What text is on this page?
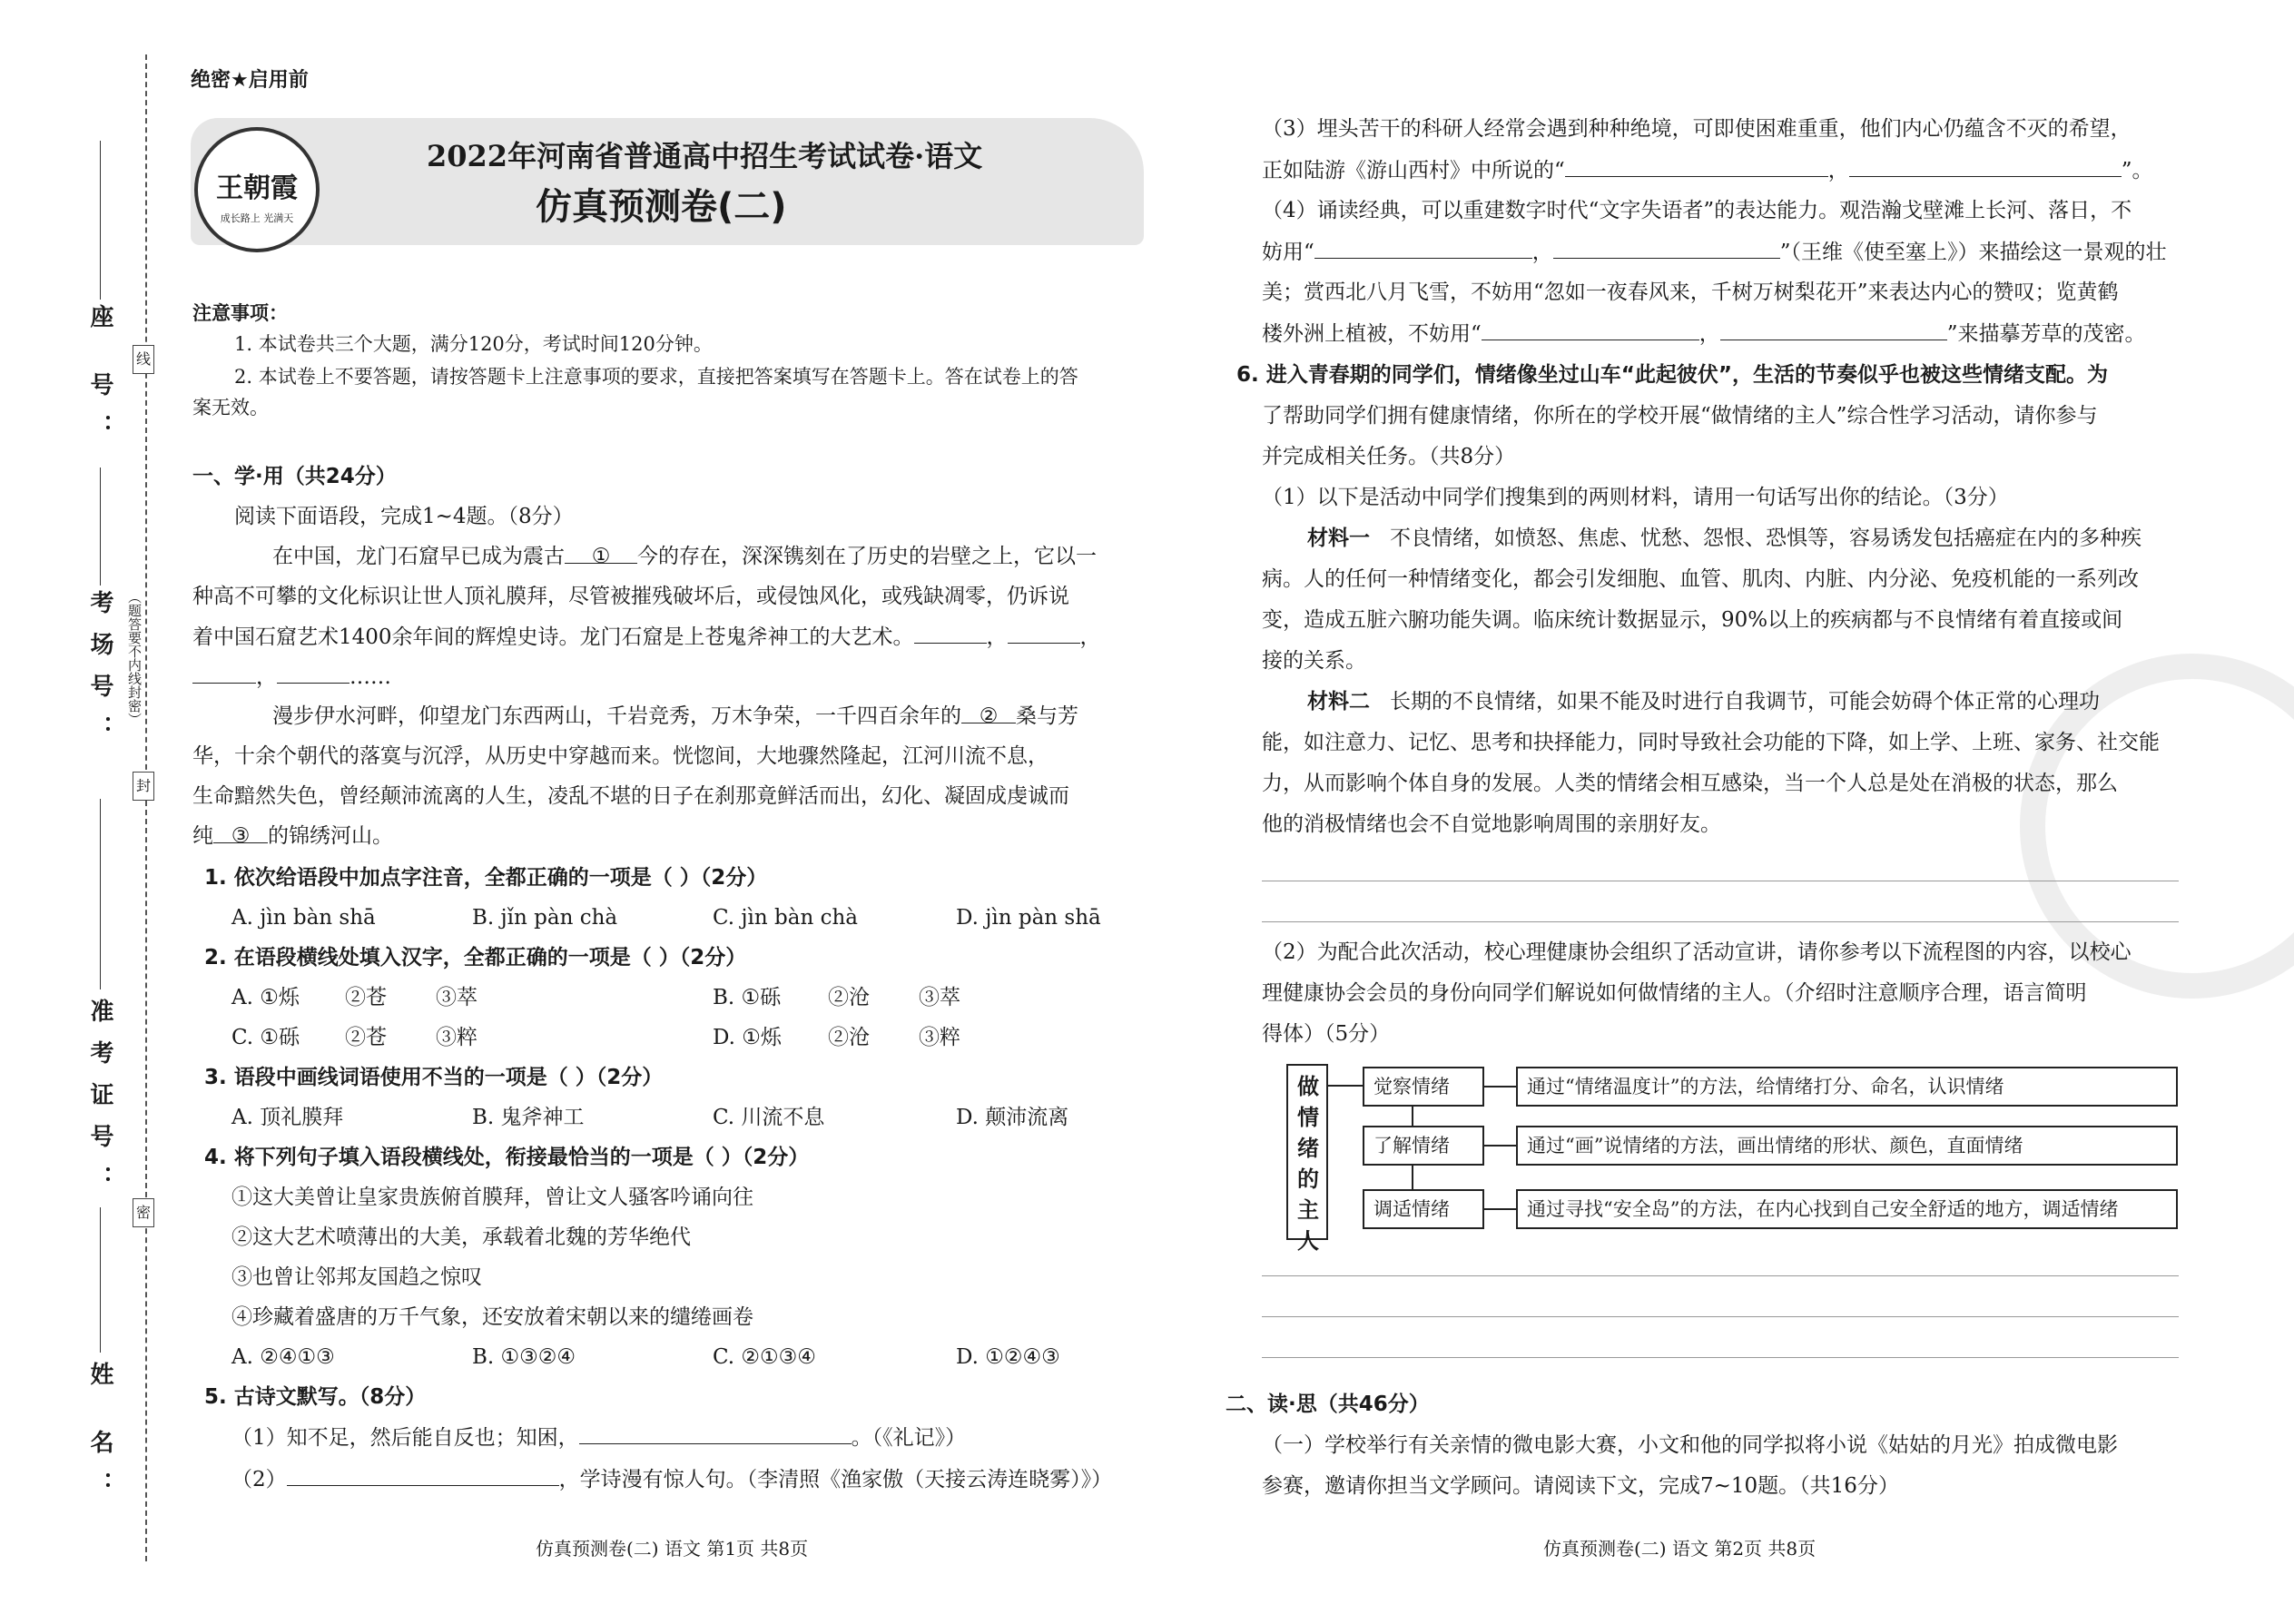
座 号：
考场号：
准考证号：
姓 名：
线
封
密
（题答要不内线封密）
绝密★启用前
王朝霞
成长路上 光满天
2022年河南省普通高中招生考试试卷·语文
仿真预测卷(二)
注意事项：
1. 本试卷共三个大题，满分120分，考试时间120分钟。
2. 本试卷上不要答题，请按答题卡上注意事项的要求，直接把答案填写在答题卡上。答在试卷上的答
案无效。
一、学·用（共24分）
阅读下面语段，完成1~4题。（8分）
在中国，龙门石窟早已成为震古 ① 今的存在，深深镌刻在了历史的岩壁之上，它以一
种高不可攀的文化标识让世人顶礼膜拜，尽管被摧残破坏后，或侵蚀风化，或残缺凋零，仍诉说
着中国石窟艺术1400余年间的辉煌史诗。龙门石窟是上苍鬼斧神工的大艺术。	，	，
，	……
漫步伊水河畔，仰望龙门东西两山，千岩竞秀，万木争荣，一千四百余年的 ② 桑与芳
华，十余个朝代的落寞与沉浮，从历史中穿越而来。恍惚间，大地骤然隆起，江河川流不息，
生命黯然失色，曾经颠沛流离的人生，凌乱不堪的日子在刹那竟鲜活而出，幻化、凝固成虔诚而
纯 ③ 的锦绣河山。
1. 依次给语段中加点字注音，全都正确的一项是（ ）（2分）
A. jìn bàn shā	B. jǐn pàn chà	C. jìn bàn chà	D. jìn pàn shā
2. 在语段横线处填入汉字，全都正确的一项是（ ）（2分）
A. ①烁 ②苍 ③萃	B. ①砾 ②沧 ③萃
C. ①砾 ②苍 ③粹	D. ①烁 ②沧 ③粹
3. 语段中画线词语使用不当的一项是（ ）（2分）
A. 顶礼膜拜	B. 鬼斧神工	C. 川流不息	D. 颠沛流离
4. 将下列句子填入语段横线处，衔接最恰当的一项是（ ）（2分）
①这大美曾让皇家贵族俯首膜拜，曾让文人骚客吟诵向往
②这大艺术喷薄出的大美，承载着北魏的芳华绝代
③也曾让邻邦友国趋之惊叹
④珍藏着盛唐的万千气象，还安放着宋朝以来的缱绻画卷
A. ②④①③	B. ①③②④	C. ②①③④	D. ①②④③
5. 古诗文默写。（8分）
（1）知不足，然后能自反也；知困，	。（《礼记》）
（2）	，学诗漫有惊人句。（李清照《渔家傲（天接云涛连晓雾）》）
（3）埋头苦干的科研人经常会遇到种种绝境，可即使困难重重，他们内心仍蕴含不灭的希望，
正如陆游《游山西村》中所说的“	，	”。
（4）诵读经典，可以重建数字时代“文字失语者”的表达能力。观浩瀚戈壁滩上长河、落日，不
妨用“	，	”（王维《使至塞上》）来描绘这一景观的壮
美；赏西北八月飞雪，不妨用“忽如一夜春风来，千树万树梨花开”来表达内心的赞叹；览黄鹤
楼外洲上植被，不妨用“	，	”来描摹芳草的茂密。
6. 进入青春期的同学们，情绪像坐过山车“此起彼伏”，生活的节奏似乎也被这些情绪支配。为
了帮助同学们拥有健康情绪，你所在的学校开展“做情绪的主人”综合性学习活动，请你参与
并完成相关任务。（共8分）
（1）以下是活动中同学们搜集到的两则材料，请用一句话写出你的结论。（3分）
材料一 不良情绪，如愤怒、焦虑、忧愁、怨恨、恐惧等，容易诱发包括癌症在内的多种疾
病。人的任何一种情绪变化，都会引发细胞、血管、肌肉、内脏、内分泌、免疫机能的一系列改
变，造成五脏六腑功能失调。临床统计数据显示，90%以上的疾病都与不良情绪有着直接或间
接的关系。
材料二 长期的不良情绪，如果不能及时进行自我调节，可能会妨碍个体正常的心理功
能，如注意力、记忆、思考和抉择能力，同时导致社会功能的下降，如上学、上班、家务、社交能
力，从而影响个体自身的发展。人类的情绪会相互感染，当一个人总是处在消极的状态，那么
他的消极情绪也会不自觉地影响周围的亲朋好友。
（2）为配合此次活动，校心理健康协会组织了活动宣讲，请你参考以下流程图的内容，以校心
理健康协会会员的身份向同学们解说如何做情绪的主人。（介绍时注意顺序合理，语言简明
得体）（5分）
做情绪的主人
觉察情绪
了解情绪
调适情绪
通过“情绪温度计”的方法，给情绪打分、命名，认识情绪
通过“画”说情绪的方法，画出情绪的形状、颜色，直面情绪
通过寻找“安全岛”的方法，在内心找到自己安全舒适的地方，调适情绪
二、读·思（共46分）
（一）学校举行有关亲情的微电影大赛，小文和他的同学拟将小说《姑姑的月光》拍成微电影
参赛，邀请你担当文学顾问。请阅读下文，完成7~10题。（共16分）
仿真预测卷(二) 语文 第1页 共8页	仿真预测卷(二) 语文 第2页 共8页
